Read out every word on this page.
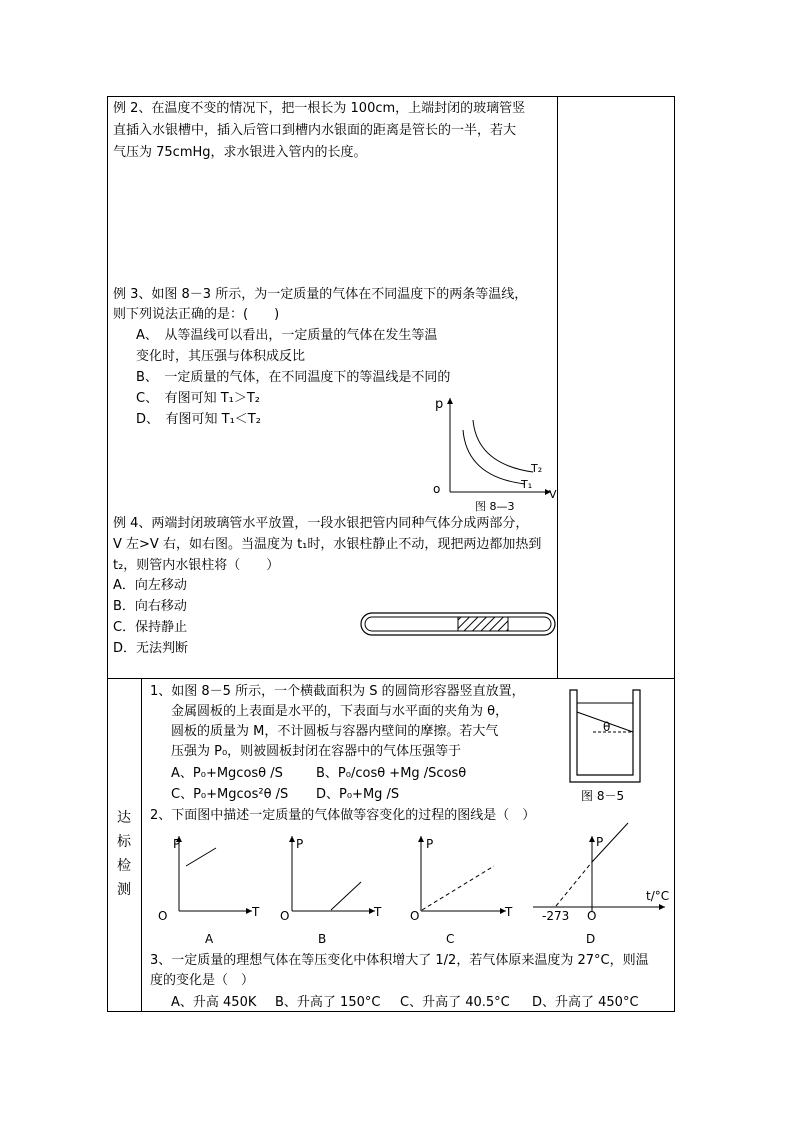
例 2、在温度不变的情况下，把一根长为 100cm，上端封闭的玻璃管竖
直插入水银槽中，插入后管口到槽内水银面的距离是管长的一半，若大
气压为 75cmHg，求水银进入管内的长度。
例 3、如图 8－3 所示，为一定质量的气体在不同温度下的两条等温线，
则下列说法正确的是：(　　)
A、　从等温线可以看出，一定质量的气体在发生等温
变化时，其压强与体积成反比
B、　一定质量的气体，在不同温度下的等温线是不同的
C、　有图可知 T₁＞T₂
D、　有图可知 T₁＜T₂
p
V
o
T₂
T₁
图 8—3
例 4、两端封闭玻璃管水平放置，一段水银把管内同种气体分成两部分，
V 左>V 右，如右图。当温度为 t₁时，水银柱静止不动，现把两边都加热到
t₂，则管内水银柱将（　　）
A．向左移动
B．向右移动
C．保持静止
D．无法判断
达
标
检
测
1、如图 8－5 所示，一个横截面积为 S 的圆筒形容器竖直放置，
金属圆板的上表面是水平的，下表面与水平面的夹角为 θ，
圆板的质量为 M，不计圆板与容器内壁间的摩擦。若大气
压强为 P₀，则被圆板封闭在容器中的气体压强等于
A、P₀+Mgcosθ /S	B、P₀/cosθ +Mg /Scosθ
C、P₀+Mgcos²θ /S D、P₀+Mg /S
θ
图 8－5
2、下面图中描述一定质量的气体做等容变化的过程的图线是（　）
P
O	T
A
P
O	T
B
P
O	T
C
P
O
-273
t/°C
D
3、一定质量的理想气体在等压变化中体积增大了 1/2，若气体原来温度为 27°C，则温
度的变化是（　）
A、升高 450K B、升高了 150°C C、升高了 40.5°C D、升高了 450°C
